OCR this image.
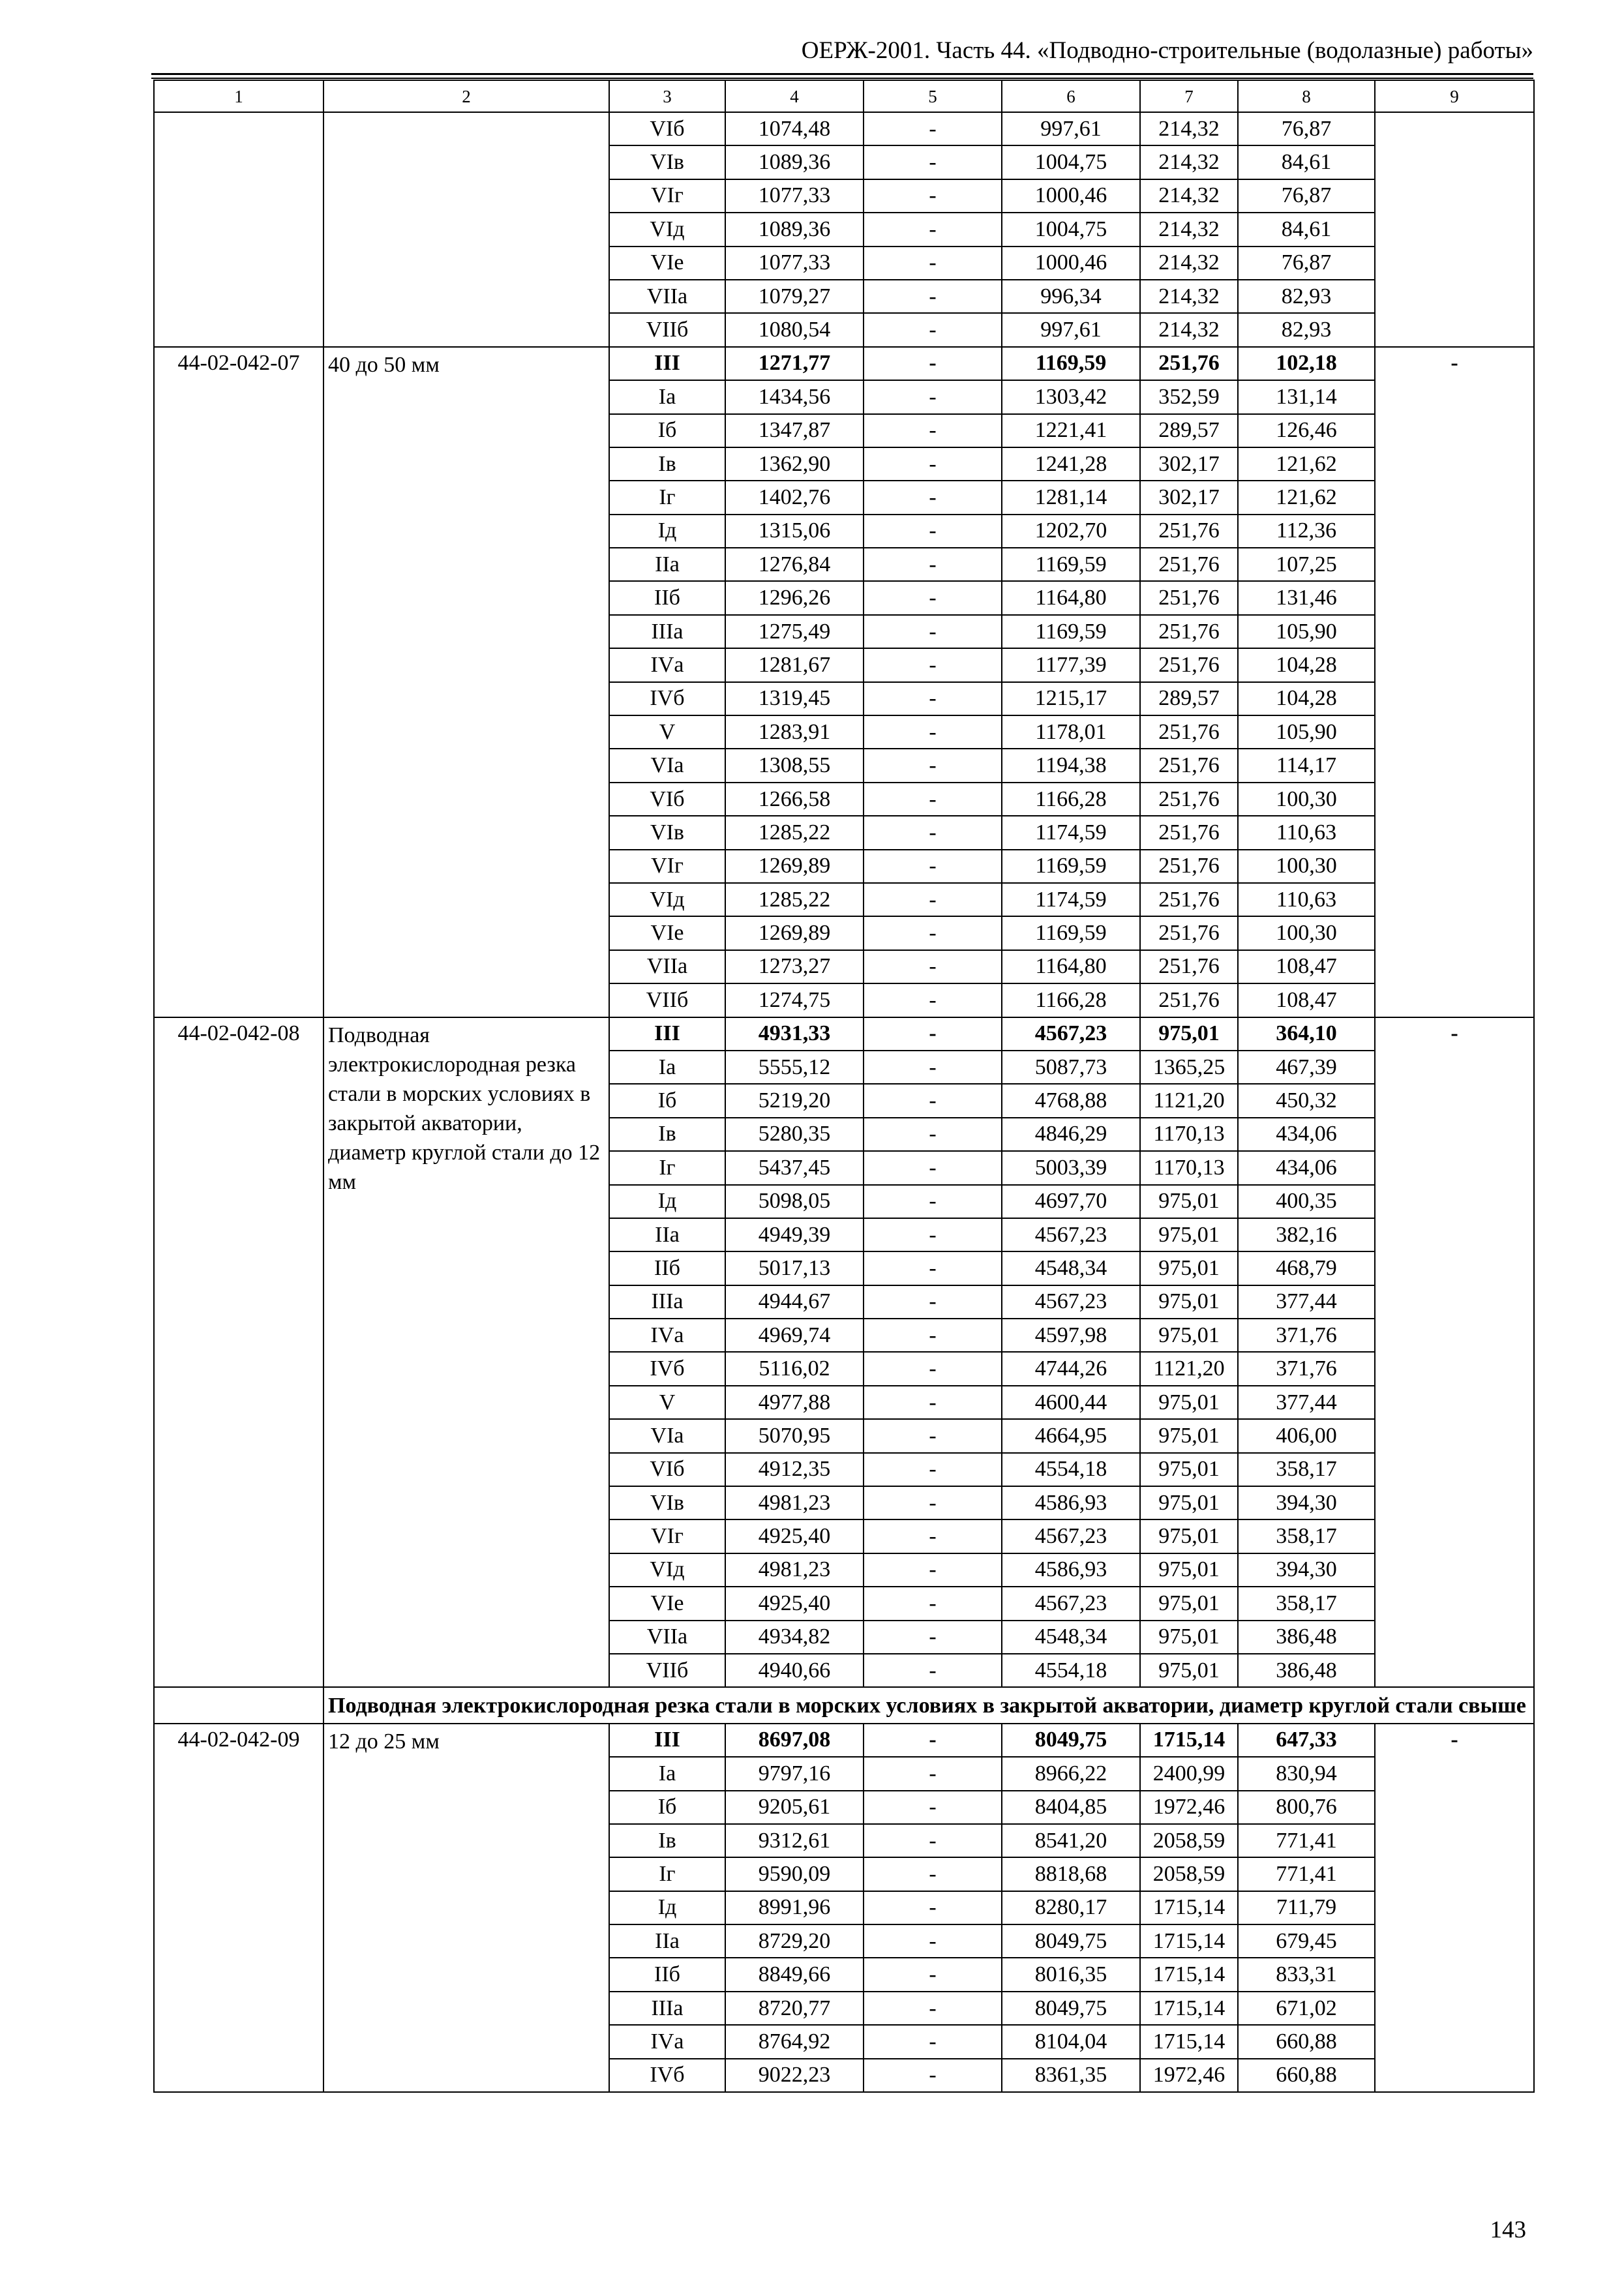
ОЕРЖ-2001. Часть 44. «Подводно-строительные (водолазные) работы»
1	2	3	4	5	6	7	8	9
		VIб	1074,48	-	997,61	214,32	76,87	
		VIв	1089,36	-	1004,75	214,32	84,61	
		VIг	1077,33	-	1000,46	214,32	76,87	
		VIд	1089,36	-	1004,75	214,32	84,61	
		VIе	1077,33	-	1000,46	214,32	76,87	
		VIIа	1079,27	-	996,34	214,32	82,93	
		VIIб	1080,54	-	997,61	214,32	82,93	
44-02-042-07	40 до 50 мм	III	1271,77	-	1169,59	251,76	102,18	-
		Iа	1434,56	-	1303,42	352,59	131,14	
		Iб	1347,87	-	1221,41	289,57	126,46	
		Iв	1362,90	-	1241,28	302,17	121,62	
		Iг	1402,76	-	1281,14	302,17	121,62	
		Iд	1315,06	-	1202,70	251,76	112,36	
		IIа	1276,84	-	1169,59	251,76	107,25	
		IIб	1296,26	-	1164,80	251,76	131,46	
		IIIа	1275,49	-	1169,59	251,76	105,90	
		IVа	1281,67	-	1177,39	251,76	104,28	
		IVб	1319,45	-	1215,17	289,57	104,28	
		V	1283,91	-	1178,01	251,76	105,90	
		VIа	1308,55	-	1194,38	251,76	114,17	
		VIб	1266,58	-	1166,28	251,76	100,30	
		VIв	1285,22	-	1174,59	251,76	110,63	
		VIг	1269,89	-	1169,59	251,76	100,30	
		VIд	1285,22	-	1174,59	251,76	110,63	
		VIе	1269,89	-	1169,59	251,76	100,30	
		VIIа	1273,27	-	1164,80	251,76	108,47	
		VIIб	1274,75	-	1166,28	251,76	108,47	
44-02-042-08	Подводная электрокислородная резка стали в морских условиях в закрытой акватории, диаметр круглой стали до 12 мм	III	4931,33	-	4567,23	975,01	364,10	-
		Iа	5555,12	-	5087,73	1365,25	467,39	
		Iб	5219,20	-	4768,88	1121,20	450,32	
		Iв	5280,35	-	4846,29	1170,13	434,06	
		Iг	5437,45	-	5003,39	1170,13	434,06	
		Iд	5098,05	-	4697,70	975,01	400,35	
		IIа	4949,39	-	4567,23	975,01	382,16	
		IIб	5017,13	-	4548,34	975,01	468,79	
		IIIа	4944,67	-	4567,23	975,01	377,44	
		IVа	4969,74	-	4597,98	975,01	371,76	
		IVб	5116,02	-	4744,26	1121,20	371,76	
		V	4977,88	-	4600,44	975,01	377,44	
		VIа	5070,95	-	4664,95	975,01	406,00	
		VIб	4912,35	-	4554,18	975,01	358,17	
		VIв	4981,23	-	4586,93	975,01	394,30	
		VIг	4925,40	-	4567,23	975,01	358,17	
		VIд	4981,23	-	4586,93	975,01	394,30	
		VIе	4925,40	-	4567,23	975,01	358,17	
		VIIа	4934,82	-	4548,34	975,01	386,48	
		VIIб	4940,66	-	4554,18	975,01	386,48	
	Подводная электрокислородная резка стали в морских условиях в закрытой акватории, диаметр круглой стали свыше							
44-02-042-09	12 до 25 мм	III	8697,08	-	8049,75	1715,14	647,33	-
		Iа	9797,16	-	8966,22	2400,99	830,94	
		Iб	9205,61	-	8404,85	1972,46	800,76	
		Iв	9312,61	-	8541,20	2058,59	771,41	
		Iг	9590,09	-	8818,68	2058,59	771,41	
		Iд	8991,96	-	8280,17	1715,14	711,79	
		IIа	8729,20	-	8049,75	1715,14	679,45	
		IIб	8849,66	-	8016,35	1715,14	833,31	
		IIIа	8720,77	-	8049,75	1715,14	671,02	
		IVа	8764,92	-	8104,04	1715,14	660,88	
		IVб	9022,23	-	8361,35	1972,46	660,88	
143
